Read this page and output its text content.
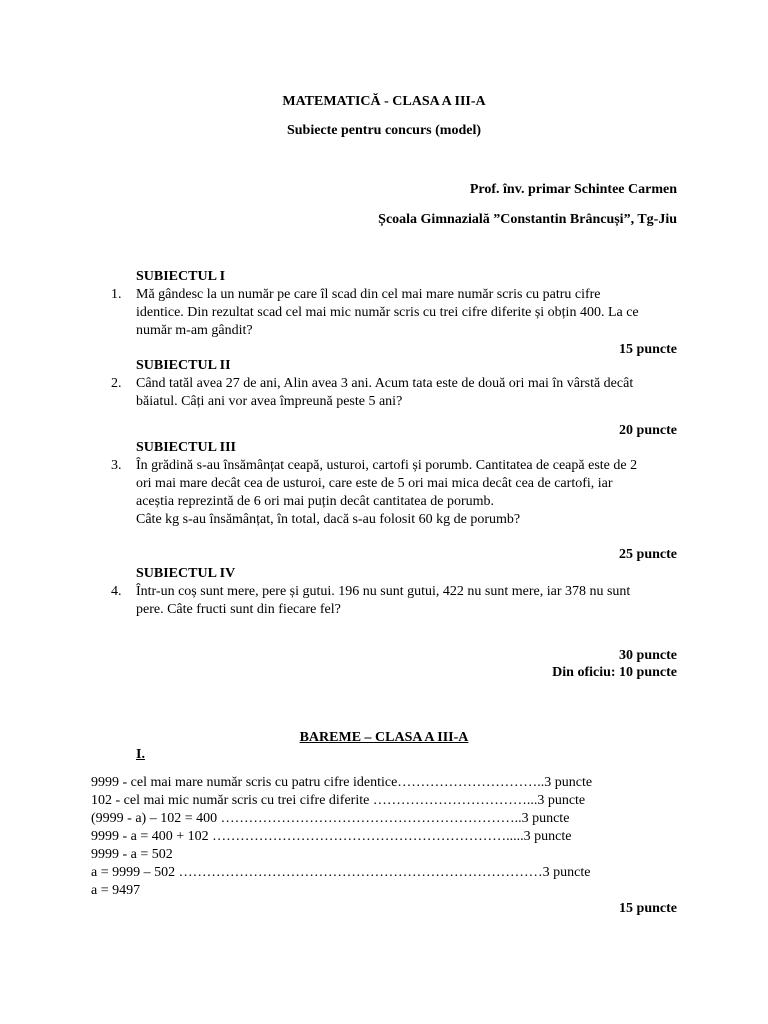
MATEMATICĂ - CLASA A III-A
Subiecte pentru concurs (model)
Prof. înv. primar Schintee Carmen
Școala Gimnazială ”Constantin Brâncuși”, Tg-Jiu
SUBIECTUL I
1. Mă gândesc la un număr pe care îl scad din cel mai mare număr scris cu patru cifre
identice. Din rezultat scad cel mai mic număr scris cu trei cifre diferite și obțin 400. La ce
număr m-am gândit?
15 puncte
SUBIECTUL II
2. Când tatăl avea 27 de ani, Alin avea 3 ani. Acum tata este de două ori mai în vârstă decât
băiatul. Câți ani vor avea împreună peste 5 ani?
20 puncte
SUBIECTUL III
3. În grădină s-au însămânțat ceapă, usturoi, cartofi și porumb. Cantitatea de ceapă este de 2
ori mai mare decât cea de usturoi, care este de 5 ori mai mica decât cea de cartofi, iar
aceștia reprezintă de 6 ori mai puțin decât cantitatea de porumb.
Câte kg s-au însămânțat, în total, dacă s-au folosit 60 kg de porumb?
25 puncte
SUBIECTUL IV
4. Într-un coș sunt mere, pere și gutui. 196 nu sunt gutui, 422 nu sunt mere, iar 378 nu sunt
pere. Câte fructi sunt din fiecare fel?
30 puncte
Din oficiu: 10 puncte
BAREME – CLASA A III-A
I.
9999 - cel mai mare număr scris cu patru cifre identice…………………………..3 puncte
102 - cel mai mic număr scris cu trei cifre diferite ……………………………...3 puncte
(9999 - a) – 102 = 400 ………………………………………………………..3 puncte
9999 - a = 400 + 102 ……………………………………………………….....3 puncte
9999 - a = 502
a = 9999 – 502 ……………………………………………………………………3 puncte
a = 9497
15 puncte
